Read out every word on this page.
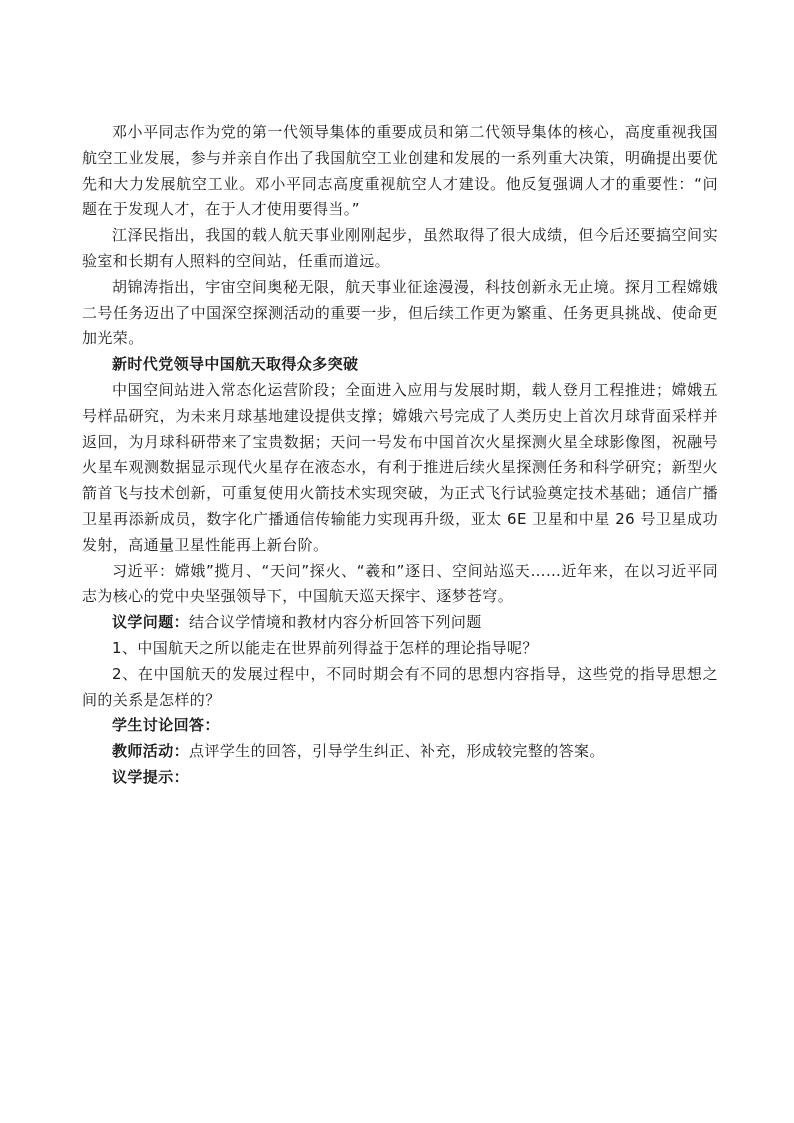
邓小平同志作为党的第一代领导集体的重要成员和第二代领导集体的核心，高度重视我国航空工业发展，参与并亲自作出了我国航空工业创建和发展的一系列重大决策，明确提出要优先和大力发展航空工业。邓小平同志高度重视航空人才建设。他反复强调人才的重要性：“问题在于发现人才，在于人才使用要得当。”

江泽民指出，我国的载人航天事业刚刚起步，虽然取得了很大成绩，但今后还要搞空间实验室和长期有人照料的空间站，任重而道远。

胡锦涛指出，宇宙空间奥秘无限，航天事业征途漫漫，科技创新永无止境。探月工程嫦娥二号任务迈出了中国深空探测活动的重要一步，但后续工作更为繁重、任务更具挑战、使命更加光荣。

新时代党领导中国航天取得众多突破

中国空间站进入常态化运营阶段；全面进入应用与发展时期，载人登月工程推进；嫦娥五号样品研究，为未来月球基地建设提供支撑；嫦娥六号完成了人类历史上首次月球背面采样并返回，为月球科研带来了宝贵数据；天问一号发布中国首次火星探测火星全球影像图，祝融号火星车观测数据显示现代火星存在液态水，有利于推进后续火星探测任务和科学研究；新型火箭首飞与技术创新，可重复使用火箭技术实现突破，为正式飞行试验奠定技术基础；通信广播卫星再添新成员，数字化广播通信传输能力实现再升级，亚太 6E 卫星和中星 26 号卫星成功发射，高通量卫星性能再上新台阶。

习近平：嫦娥”揽月、“天问”探火、“羲和”逐日、空间站巡天……近年来，在以习近平同志为核心的党中央坚强领导下，中国航天巡天探宇、逐梦苍穹。

议学问题：结合议学情境和教材内容分析回答下列问题

1、中国航天之所以能走在世界前列得益于怎样的理论指导呢？

2、在中国航天的发展过程中，不同时期会有不同的思想内容指导，这些党的指导思想之间的关系是怎样的？

学生讨论回答：

教师活动：点评学生的回答，引导学生纠正、补充，形成较完整的答案。

议学提示：
